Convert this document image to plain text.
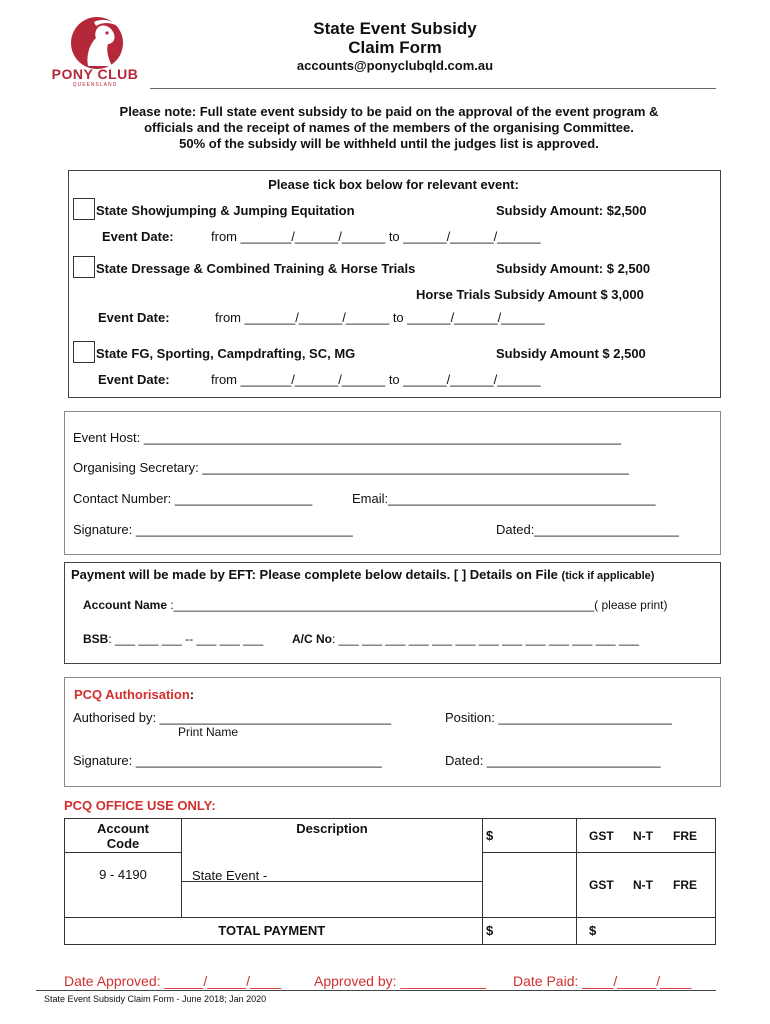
PONY CLUB
QUEENSLAND
State Event Subsidy
Claim Form
accounts@ponyclubqld.com.au
Please note: Full state event subsidy to be paid on the approval of the event program &
officials and the receipt of names of the members of the organising Committee.
50% of the subsidy will be withheld until the judges list is approved.
Please tick box below for relevant event:
State Showjumping & Jumping Equitation	Subsidy Amount: $2,500
Event Date:	from _______/______/______ to ______/______/______
State Dressage & Combined Training & Horse Trials	Subsidy Amount: $ 2,500
Horse Trials Subsidy Amount $ 3,000
Event Date:	from _______/______/______ to ______/______/______
State FG, Sporting, Campdrafting, SC, MG	Subsidy Amount $ 2,500
Event Date:	from _______/______/______ to ______/______/______
Event Host: __________________________________________________________________
Organising Secretary: ___________________________________________________________
Contact Number: ___________________	Email:_____________________________________
Signature: ______________________________	Dated:____________________
Payment will be made by EFT: Please complete below details. [ ] Details on File (tick if applicable)
Account Name :_______________________________________________________________( please print)
BSB: ___ ___ ___ -- ___ ___ ___ A/C No: ___ ___ ___ ___ ___ ___ ___ ___ ___ ___ ___ ___ ___
PCQ Authorisation:
Authorised by: ________________________________
Print Name
Position: ________________________
Signature: __________________________________	Dated: ________________________
PCQ OFFICE USE ONLY:
Account Code	Description	$	GST N-T FRE
9 - 4190	State Event -		GST N-T FRE
	TOTAL PAYMENT	$	$
Date Approved: _____/_____/____ Approved by: ___________ Date Paid: ____/_____/____
State Event Subsidy Claim Form - June 2018; Jan 2020
